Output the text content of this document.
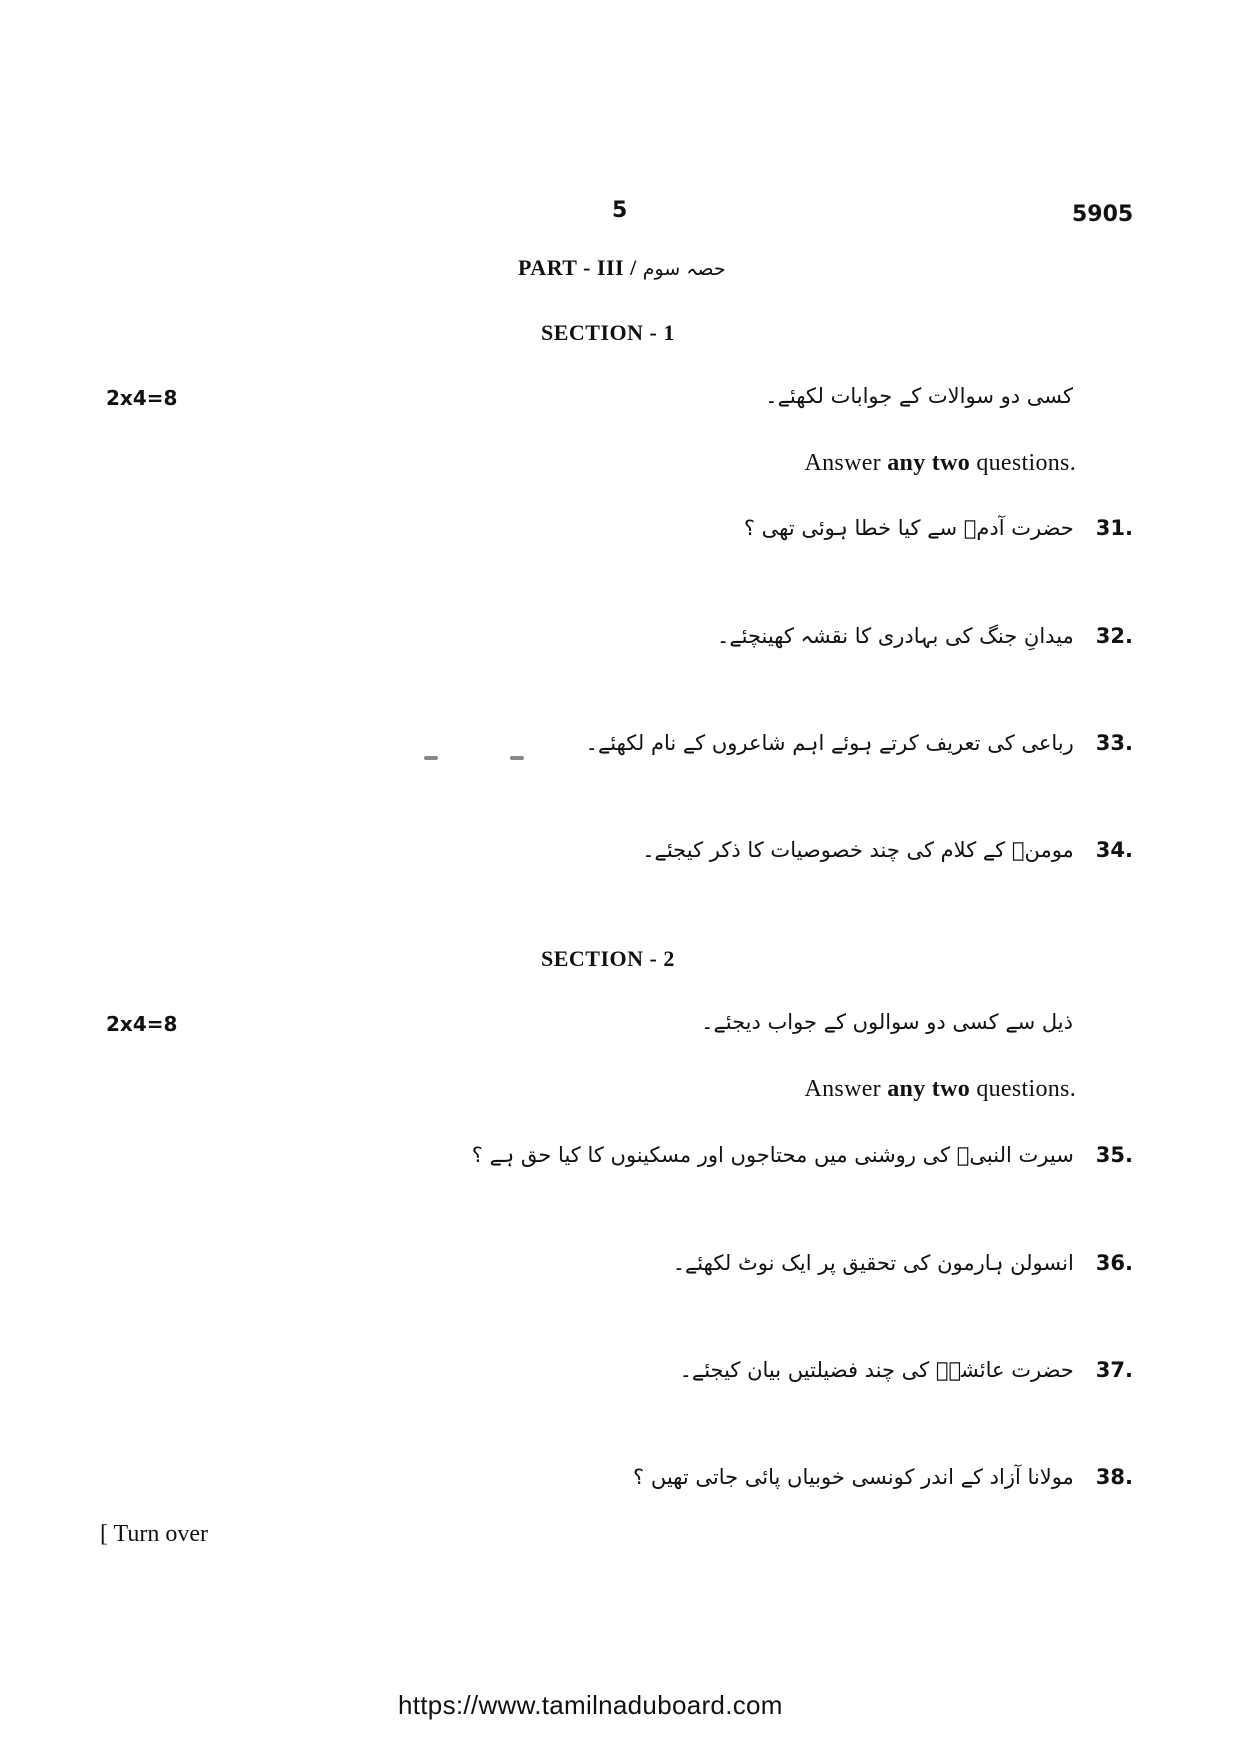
5	5905
PART - III / حصہ سوم
SECTION - 1
2x4=8	کسی دو سوالات کے جوابات لکھئے۔
Answer any two questions.
31.
حضرت آدمؑ سے کیا خطا ہوئی تھی ؟
32.
میدانِ جنگ کی بہادری کا نقشہ کھینچئے۔
33.
رباعی کی تعریف کرتے ہوئے اہم شاعروں کے نام لکھئے۔
34.
مومنؔ کے کلام کی چند خصوصیات کا ذکر کیجئے۔
SECTION - 2
2x4=8	ذیل سے کسی دو سوالوں کے جواب دیجئے۔
Answer any two questions.
35.
سیرت النبیؐ کی روشنی میں محتاجوں اور مسکینوں کا کیا حق ہے ؟
36.
انسولن ہارمون کی تحقیق پر ایک نوٹ لکھئے۔
37.
حضرت عائشہؓ کی چند فضیلتیں بیان کیجئے۔
38.
مولانا آزاد کے اندر کونسی خوبیاں پائی جاتی تھیں ؟
[ Turn over
https://www.tamilnaduboard.com
